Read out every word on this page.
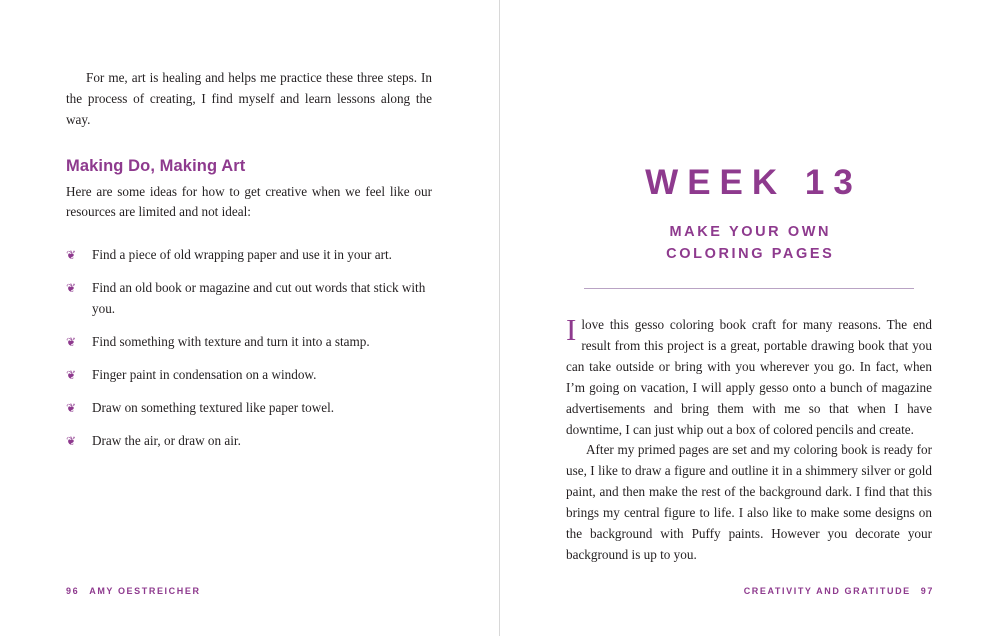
For me, art is healing and helps me practice these three steps. In the process of creating, I find myself and learn lessons along the way.

Making Do, Making Art

Here are some ideas for how to get creative when we feel like our resources are limited and not ideal:

❦ Find a piece of old wrapping paper and use it in your art.
❦ Find an old book or magazine and cut out words that stick with you.
❦ Find something with texture and turn it into a stamp.
❦ Finger paint in condensation on a window.
❦ Draw on something textured like paper towel.
❦ Draw the air, or draw on air.
96 AMY OESTREICHER
WEEK 13
MAKE YOUR OWN
COLORING PAGES

Ilove this gesso coloring book craft for many reasons. The end result from this project is a great, portable drawing book that you can take outside or bring with you wherever you go. In fact, when I’m going on vacation, I will apply gesso onto a bunch of magazine advertisements and bring them with me so that when I have downtime, I can just whip out a box of colored pencils and create.

After my primed pages are set and my coloring book is ready for use, I like to draw a figure and outline it in a shimmery silver or gold paint, and then make the rest of the background dark. I find that this brings my central figure to life. I also like to make some designs on the background with Puffy paints. However you decorate your background is up to you.

CREATIVITY AND GRATITUDE 97
